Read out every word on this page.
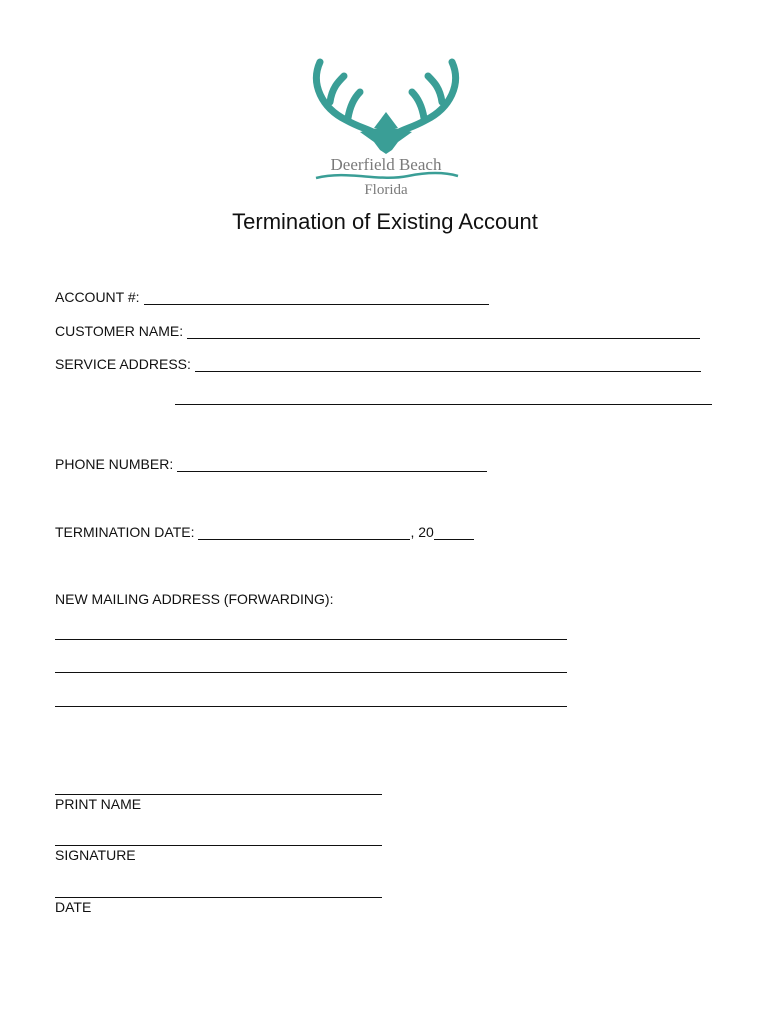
Deerfield Beach
Florida
Termination of Existing Account
ACCOUNT #:
CUSTOMER NAME:
SERVICE ADDRESS:
PHONE NUMBER:
TERMINATION DATE:	, 20
NEW MAILING ADDRESS (FORWARDING):
PRINT NAME
SIGNATURE
DATE
